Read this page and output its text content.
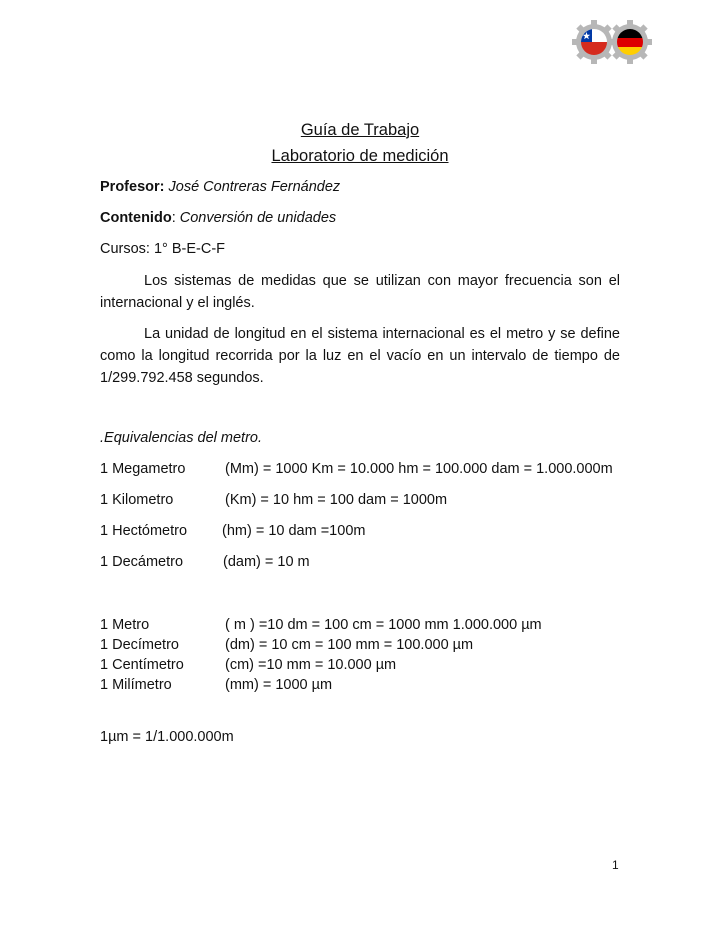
Guía de Trabajo
Laboratorio de medición
Profesor: José Contreras Fernández
Contenido: Conversión de unidades
Cursos: 1° B-E-C-F
Los sistemas de medidas que se utilizan con mayor frecuencia son el internacional y el inglés.
La unidad de longitud en el sistema internacional es el metro y se define como la longitud recorrida por la luz en el vacío en un intervalo de tiempo de 1/299.792.458 segundos.
.Equivalencias del metro.
1 Megametro	(Mm) = 1000 Km = 10.000 hm = 100.000 dam = 1.000.000m
1 Kilometro	(Km) = 10 hm = 100 dam = 1000m
1 Hectómetro (hm) = 10 dam =100m
1 Decámetro	(dam) = 10 m
1 Metro	( m ) =10 dm = 100 cm = 1000 mm 1.000.000 µm
1 Decímetro	(dm) = 10 cm = 100 mm = 100.000 µm
1 Centímetro	(cm) =10 mm = 10.000 µm
1 Milímetro	(mm) = 1000 µm
1µm = 1/1.000.000m
1
